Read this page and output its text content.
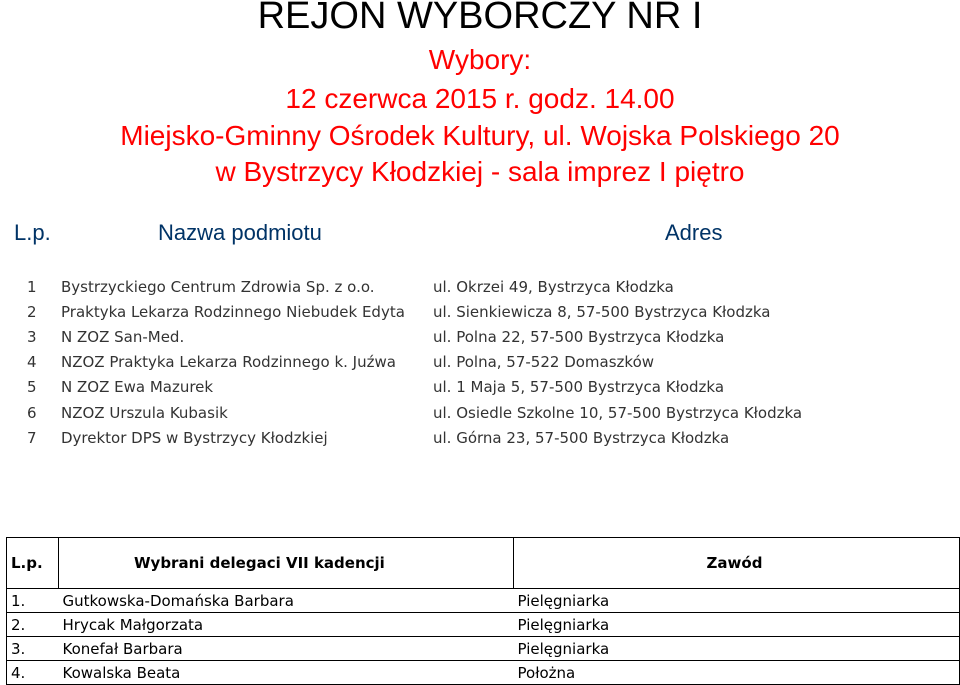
REJON WYBORCZY NR I
Wybory:
12 czerwca 2015 r. godz. 14.00
Miejsko-Gminny Ośrodek Kultury, ul. Wojska Polskiego 20
w Bystrzycy Kłodzkiej - sala imprez I piętro
L.p.	Nazwa podmiotu	Adres
1 Bystrzyckiego Centrum Zdrowia Sp. z o.o.	ul. Okrzei 49, Bystrzyca Kłodzka
2 Praktyka Lekarza Rodzinnego Niebudek Edyta ul. Sienkiewicza 8, 57-500 Bystrzyca Kłodzka
3 N ZOZ San-Med.	ul. Polna 22, 57-500 Bystrzyca Kłodzka
4 NZOZ Praktyka Lekarza Rodzinnego k. Juźwa ul. Polna, 57-522 Domaszków
5 N ZOZ Ewa Mazurek	ul. 1 Maja 5, 57-500 Bystrzyca Kłodzka
6 NZOZ Urszula Kubasik	ul. Osiedle Szkolne 10, 57-500 Bystrzyca Kłodzka
7 Dyrektor DPS w Bystrzycy Kłodzkiej	ul. Górna 23, 57-500 Bystrzyca Kłodzka
L.p.	Wybrani delegaci VII kadencji	Zawód
1.	Gutkowska-Domańska Barbara	Pielęgniarka
2.	Hrycak Małgorzata	Pielęgniarka
3.	Konefał Barbara	Pielęgniarka
4.	Kowalska Beata	Położna
